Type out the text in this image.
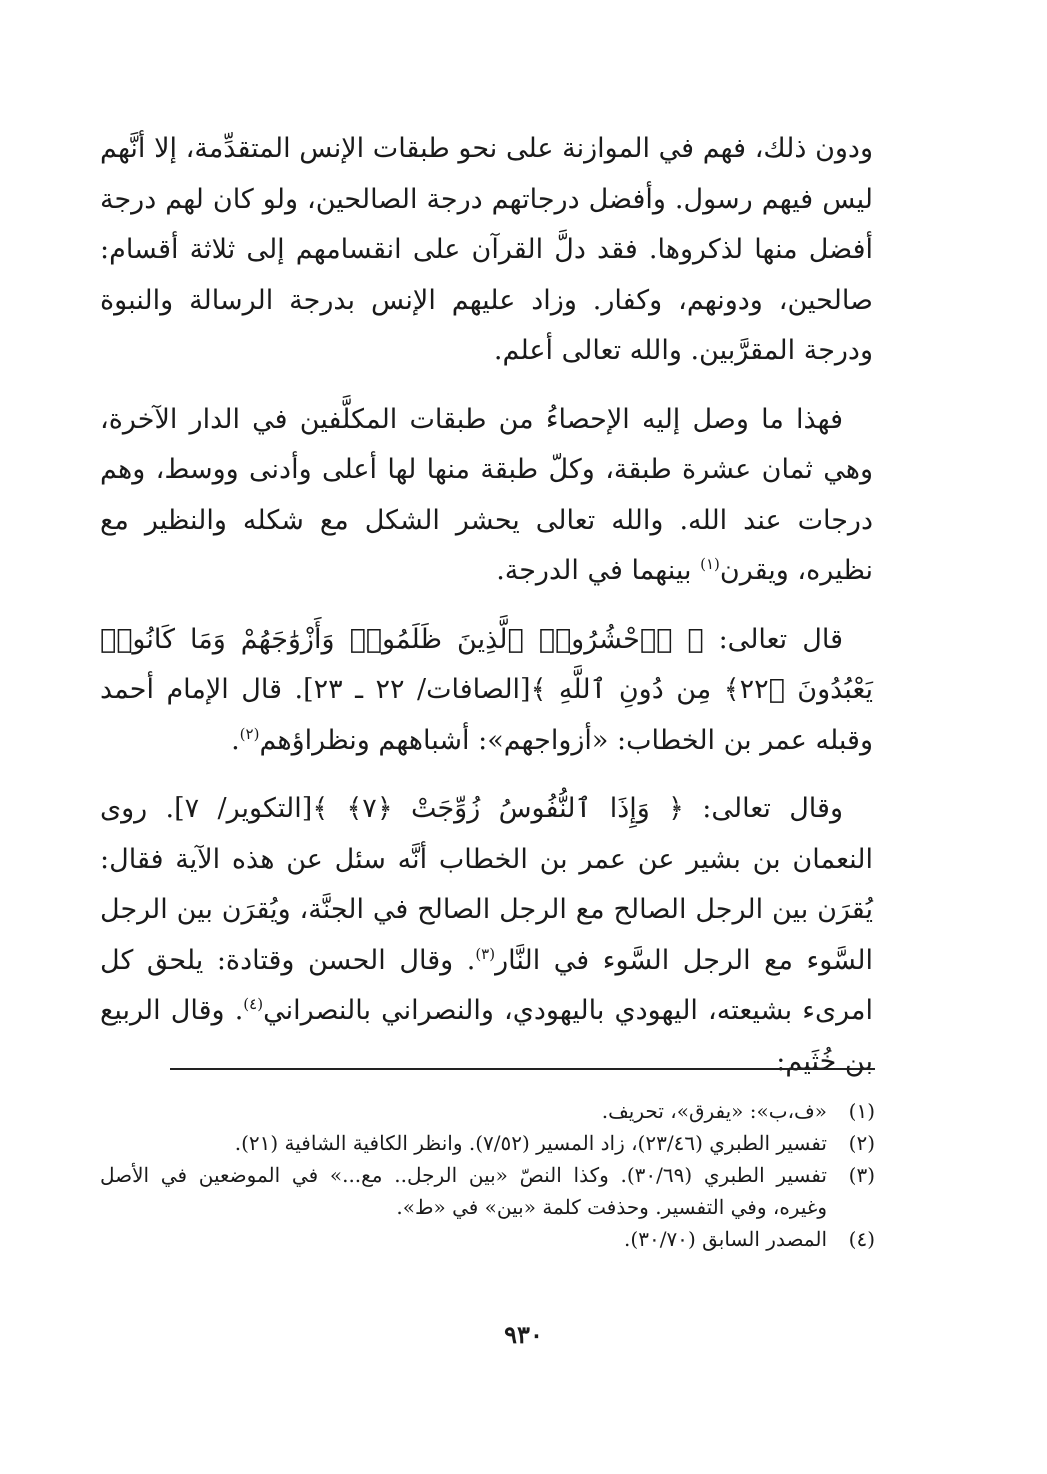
ودون ذلك، فهم في الموازنة على نحو طبقات الإنس المتقدِّمة، إلا أنَّهم ليس فيهم رسول. وأفضل درجاتهم درجة الصالحين، ولو كان لهم درجة أفضل منها لذكروها. فقد دلَّ القرآن على انقسامهم إلى ثلاثة أقسام: صالحين، ودونهم، وكفار. وزاد عليهم الإنس بدرجة الرسالة والنبوة ودرجة المقرَّبين. والله تعالى أعلم.

فهذا ما وصل إليه الإحصاءُ من طبقات المكلَّفين في الدار الآخرة، وهي ثمان عشرة طبقة، وكلّ طبقة منها لها أعلى وأدنى ووسط، وهم درجات عند الله. والله تعالى يحشر الشكل مع شكله والنظير مع نظيره، ويقرن$^{(١)}$ بينهما في الدرجة.

قال تعالى: ﴿ ۞ٱحْشُرُوا۟ ٱلَّذِينَ ظَلَمُوا۟ وَأَزْوَٰجَهُمْ وَمَا كَانُوا۟ يَعْبُدُونَ ﴿٢٢﴾ مِن دُونِ ٱللَّهِ ﴾[الصافات/ ٢٢ ـ ٢٣]. قال الإمام أحمد وقبله عمر بن الخطاب: «أزواجهم»: أشباههم ونظراؤهم$^{(٢)}$.

وقال تعالى: ﴿ وَإِذَا ٱلنُّفُوسُ زُوِّجَتْ ﴿٧﴾ ﴾[التكوير/ ٧]. روى النعمان بن بشير عن عمر بن الخطاب أنَّه سئل عن هذه الآية فقال: يُقرَن بين الرجل الصالح مع الرجل الصالح في الجنَّة، ويُقرَن بين الرجل السَّوء مع الرجل السَّوء في النَّار$^{(٣)}$. وقال الحسن وقتادة: يلحق كل امرىء بشيعته، اليهودي باليهودي، والنصراني بالنصراني$^{(٤)}$. وقال الربيع بن خُثَيم:

(١)
«ف،ب»: «يفرق»، تحريف.
(٢)
تفسير الطبري (٢٣/٤٦)، زاد المسير (٧/٥٢). وانظر الكافية الشافية (٢١).
(٣)
تفسير الطبري (٣٠/٦٩). وكذا النصّ «بين الرجل.. مع...» في الموضعين في الأصل وغيره، وفي التفسير. وحذفت كلمة «بين» في «ط».
(٤)
المصدر السابق (٣٠/٧٠).
٩٣٠
